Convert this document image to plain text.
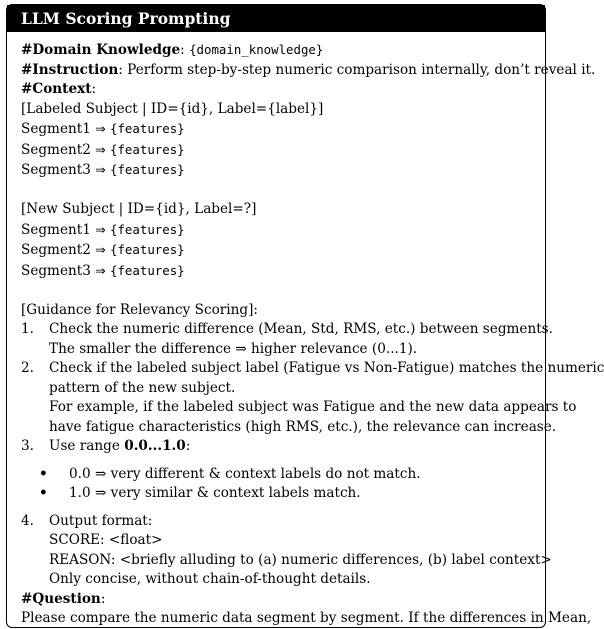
LLM Scoring Prompting
#Domain Knowledge: {domain_knowledge}
#Instruction: Perform step-by-step numeric comparison internally, don’t reveal it.
#Context:
[Labeled Subject | ID={id}, Label={label}]
Segment1 ⇒ {features}
Segment2 ⇒ {features}
Segment3 ⇒ {features}
[New Subject | ID={id}, Label=?]
Segment1 ⇒ {features}
Segment2 ⇒ {features}
Segment3 ⇒ {features}
[Guidance for Relevancy Scoring]:
1.	Check the numeric difference (Mean, Std, RMS, etc.) between segments.
The smaller the difference ⇒ higher relevance (0...1).
2.	Check if the labeled subject label (Fatigue vs Non-Fatigue) matches the numeric
pattern of the new subject.
For example, if the labeled subject was Fatigue and the new data appears to
have fatigue characteristics (high RMS, etc.), the relevance can increase.
3.	Use range 0.0...1.0:
•	0.0 ⇒ very different & context labels do not match.
•	1.0 ⇒ very similar & context labels match.
4.	Output format:
SCORE: <float>
REASON: <briefly alluding to (a) numeric differences, (b) label context>
Only concise, without chain-of-thought details.
#Question:
Please compare the numeric data segment by segment. If the differences in Mean,
